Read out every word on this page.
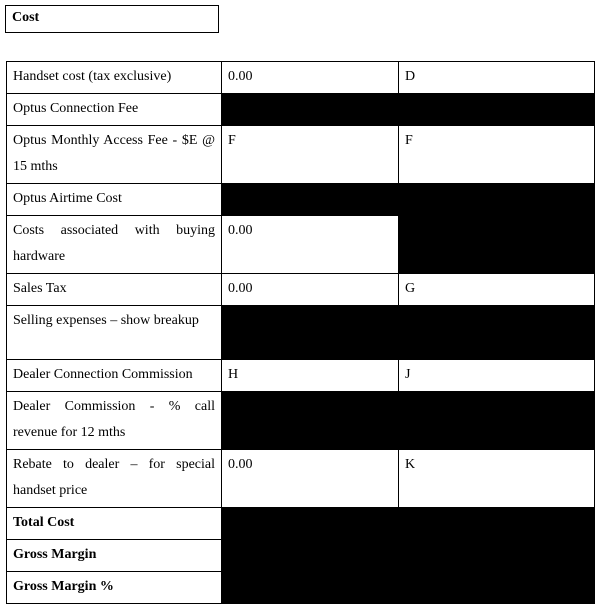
Cost
Handset cost (tax exclusive)	0.00	D
Optus Connection Fee		
Optus Monthly Access Fee - $E @ 15 mths	F	F
Optus Airtime Cost		
Costs associated with buying hardware	0.00	
Sales Tax	0.00	G
Selling expenses – show breakup		
Dealer Connection Commission	H	J
Dealer Commission - % call revenue for 12 mths		
Rebate to dealer – for special handset price	0.00	K
Total Cost		
Gross Margin		
Gross Margin %		
